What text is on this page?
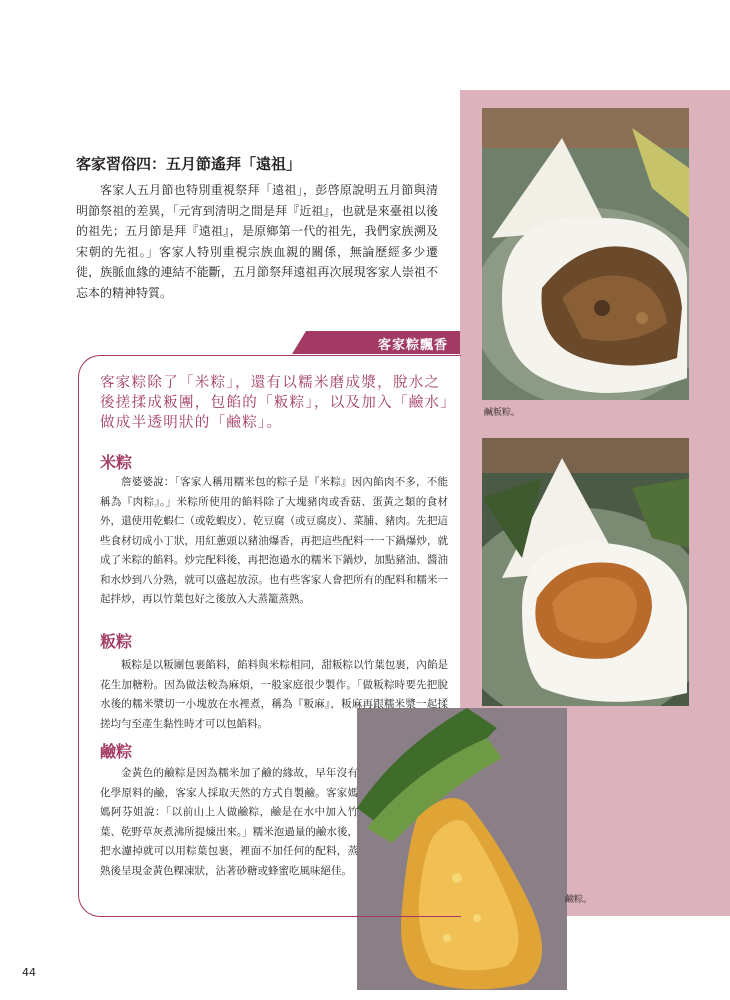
鹹粄粽。
鹼粽。
客家習俗四：五月節遙拜「遠祖」

客家人五月節也特別重視祭拜「遠祖」，彭啓原說明五月節與清明節祭祖的差異，「元宵到清明之間是拜『近祖』，也就是來臺祖以後的祖先；五月節是拜『遠祖』，是原鄉第一代的祖先，我們家族溯及宋朝的先祖。」客家人特別重視宗族血親的關係，無論歷經多少遷徙，族脈血緣的連結不能斷，五月節祭拜遠祖再次展現客家人崇祖不忘本的精神特質。

客家粽飄香
客家粽除了「米粽」，還有以糯米磨成漿，脫水之後搓揉成粄團，包餡的「粄粽」，以及加入「鹼水」做成半透明狀的「鹼粽」。
米粽

詹婆婆說：「客家人稱用糯米包的粽子是『米粽』因內餡肉不多，不能稱為『肉粽』。」米粽所使用的餡料除了大塊豬肉或香菇、蛋黃之類的食材外，還使用乾蝦仁（或乾蝦皮）、乾豆腐（或豆腐皮）、菜脯、豬肉。先把這些食材切成小丁狀，用紅蔥頭以豬油爆香，再把這些配料一一下鍋爆炒，就成了米粽的餡料。炒完配料後，再把泡過水的糯米下鍋炒，加點豬油、醬油和水炒到八分熟，就可以盛起放涼。也有些客家人會把所有的配料和糯米一起拌炒，再以竹葉包好之後放入大蒸籠蒸熟。

粄粽

粄粽是以粄團包裹餡料，餡料與米粽相同，甜粄粽以竹葉包裹，內餡是花生加糖粉。因為做法較為麻煩，一般家庭很少製作。「做粄粽時要先把脫水後的糯米漿切一小塊放在水裡煮，稱為『粄麻』，粄麻再跟糯米漿一起揉搓均勻至產生黏性時才可以包餡料。

鹼粽

金黃色的鹼粽是因為糯米加了鹼的緣故，早年沒有化學原料的鹼，客家人採取天然的方式自製鹼。客家媽媽阿芬姐說：「以前山上人做鹼粽，鹼是在水中加入竹葉、乾野草灰煮沸所提煉出來。」糯米泡過量的鹼水後，把水濾掉就可以用粽葉包裹，裡面不加任何的配料，蒸熟後呈現金黃色粿凍狀，沾著砂糖或蜂蜜吃風味絕佳。

44
